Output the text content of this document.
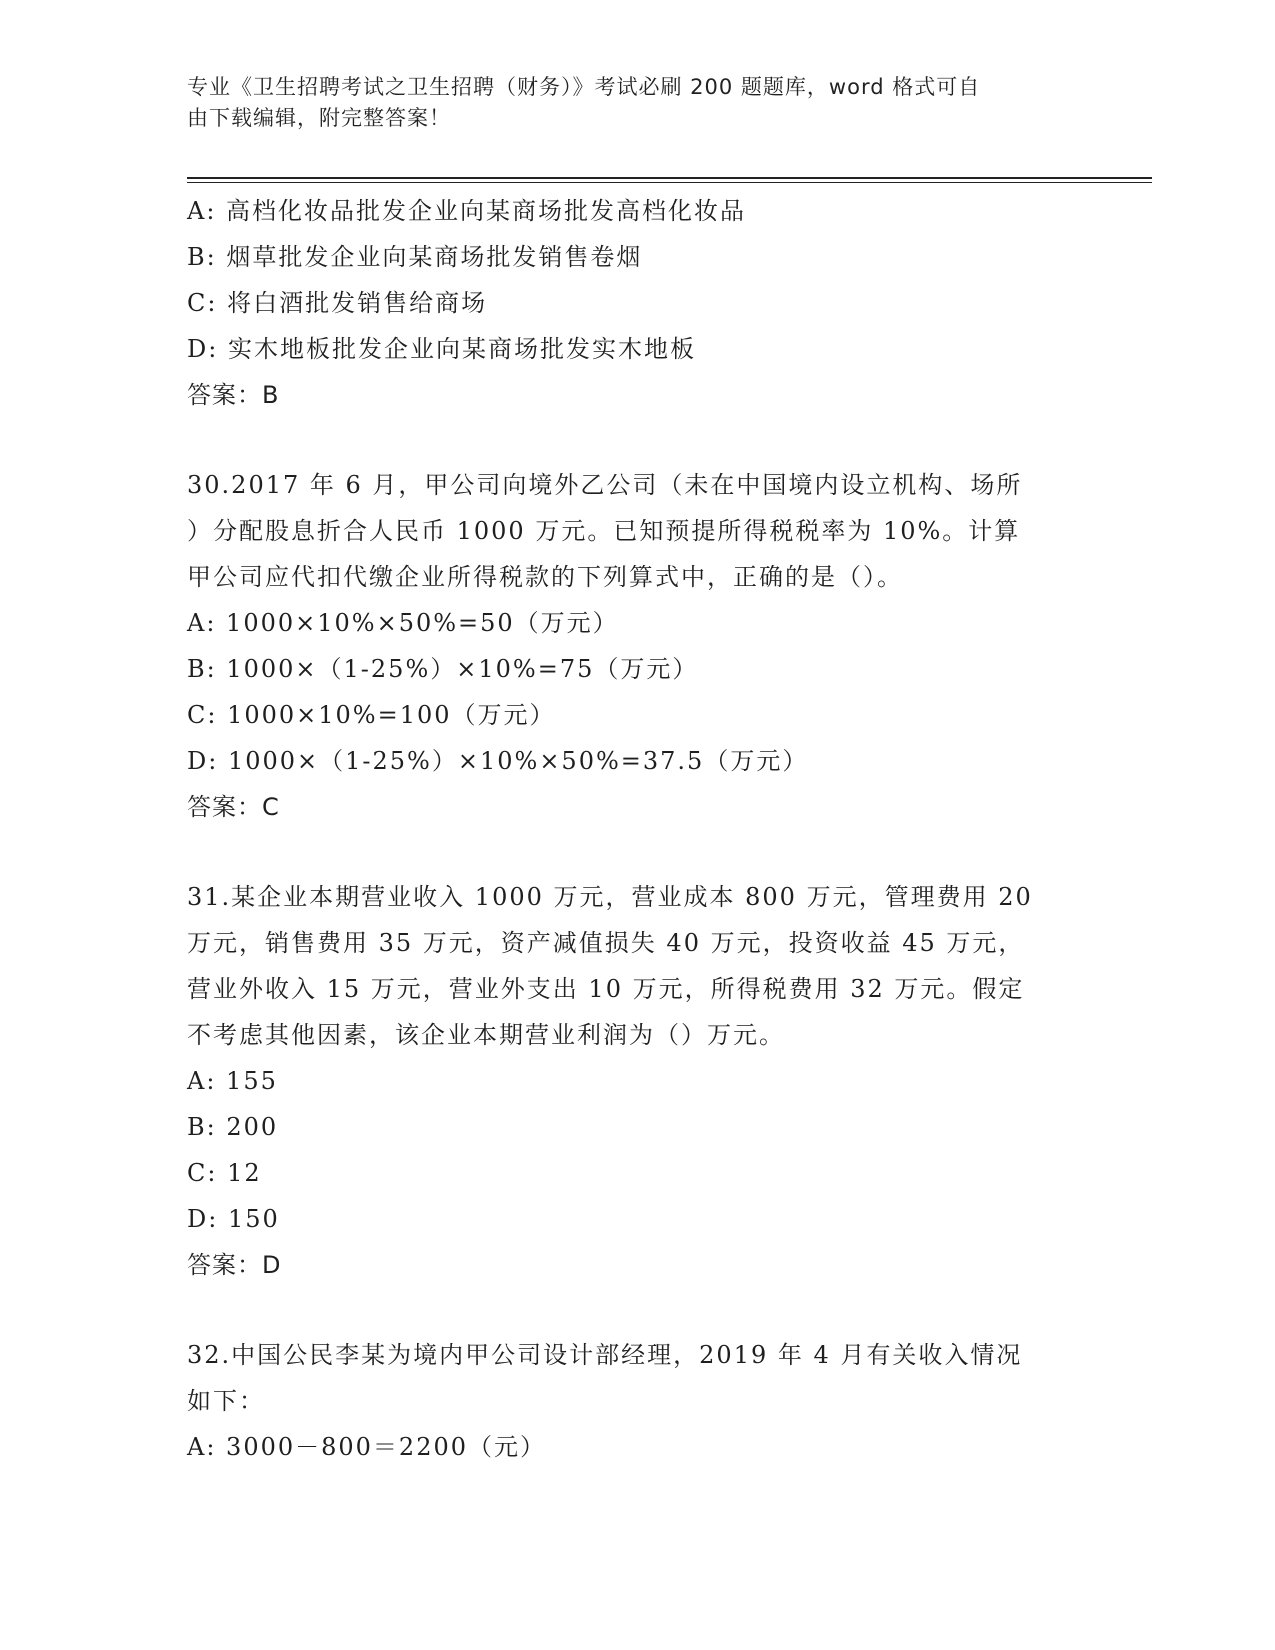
专业《卫生招聘考试之卫生招聘（财务）》考试必刷 200 题题库，word 格式可自
由下载编辑，附完整答案！
A: 高档化妆品批发企业向某商场批发高档化妆品
B: 烟草批发企业向某商场批发销售卷烟
C: 将白酒批发销售给商场
D: 实木地板批发企业向某商场批发实木地板
答案：B
30.2017 年 6 月，甲公司向境外乙公司（未在中国境内设立机构、场所
）分配股息折合人民币 1000 万元。已知预提所得税税率为 10%。计算
甲公司应代扣代缴企业所得税款的下列算式中，正确的是（）。
A: 1000×10%×50%=50（万元）
B: 1000×（1-25%）×10%=75（万元）
C: 1000×10%=100（万元）
D: 1000×（1-25%）×10%×50%=37.5（万元）
答案：C
31.某企业本期营业收入 1000 万元，营业成本 800 万元，管理费用 20
万元，销售费用 35 万元，资产减值损失 40 万元，投资收益 45 万元，
营业外收入 15 万元，营业外支出 10 万元，所得税费用 32 万元。假定
不考虑其他因素，该企业本期营业利润为（）万元。
A: 155
B: 200
C: 12
D: 150
答案：D
32.中国公民李某为境内甲公司设计部经理，2019 年 4 月有关收入情况
如下：
A: 3000－800＝2200（元）
